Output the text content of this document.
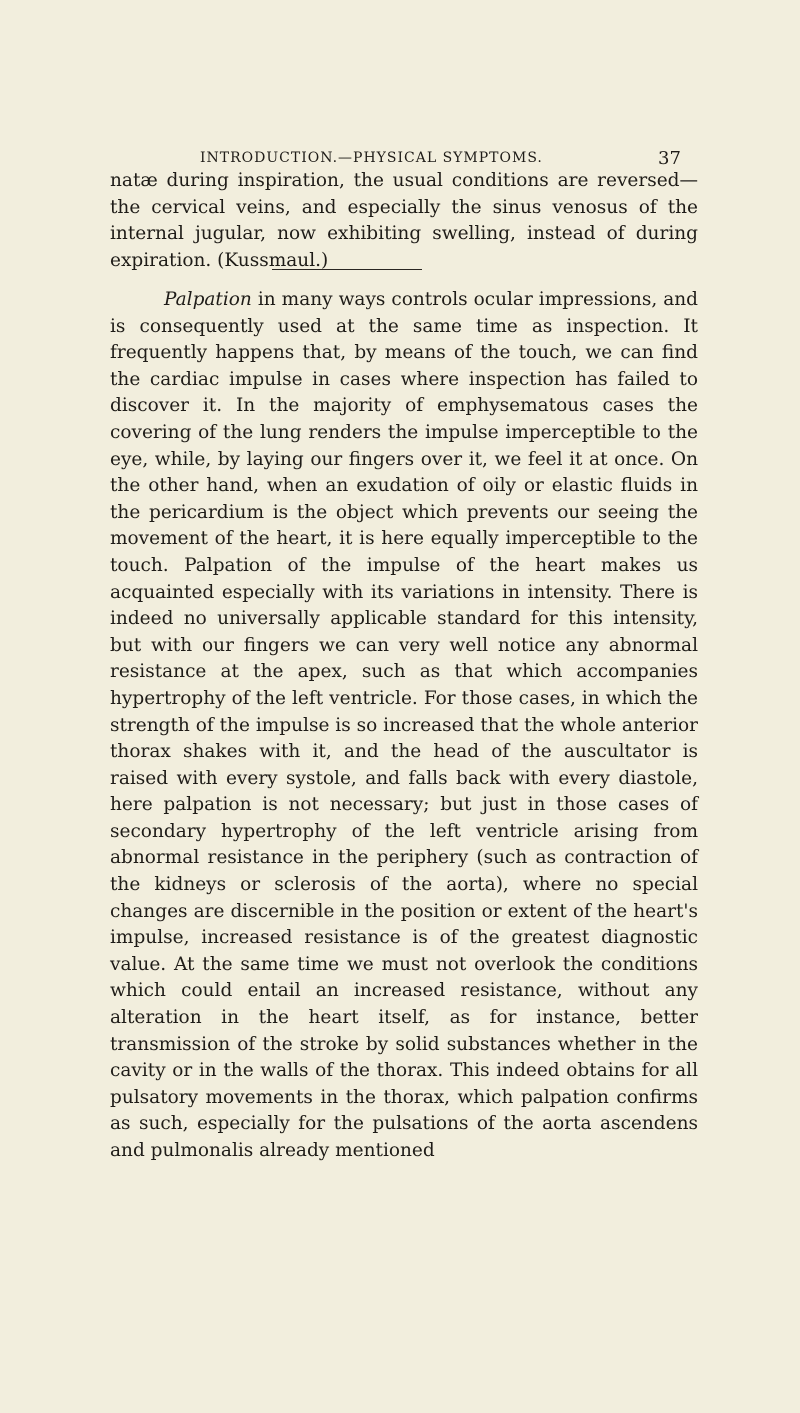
INTRODUCTION.—PHYSICAL SYMPTOMS.	37

natæ during inspiration, the usual conditions are reversed—the cervical veins, and especially the sinus venosus of the internal jugular, now exhibiting swelling, instead of during expiration. (Kussmaul.)

Palpation in many ways controls ocular impressions, and is consequently used at the same time as inspection. It frequently happens that, by means of the touch, we can find the cardiac impulse in cases where inspection has failed to discover it. In the majority of emphysematous cases the covering of the lung renders the impulse imperceptible to the eye, while, by laying our fingers over it, we feel it at once. On the other hand, when an exudation of oily or elastic fluids in the pericardium is the object which prevents our seeing the movement of the heart, it is here equally imperceptible to the touch. Palpation of the impulse of the heart makes us acquainted especially with its variations in intensity. There is indeed no universally applicable standard for this intensity, but with our fingers we can very well notice any abnormal resistance at the apex, such as that which accompanies hypertrophy of the left ventricle. For those cases, in which the strength of the impulse is so increased that the whole anterior thorax shakes with it, and the head of the auscultator is raised with every systole, and falls back with every diastole, here palpation is not necessary; but just in those cases of secondary hypertrophy of the left ventricle arising from abnormal resistance in the periphery (such as contraction of the kidneys or sclerosis of the aorta), where no special changes are discernible in the position or extent of the heart's impulse, increased resistance is of the greatest diagnostic value. At the same time we must not overlook the conditions which could entail an increased resistance, without any alteration in the heart itself, as for instance, better transmission of the stroke by solid substances whether in the cavity or in the walls of the thorax. This indeed obtains for all pulsatory movements in the thorax, which palpation confirms as such, especially for the pulsations of the aorta ascendens and pulmonalis already mentioned
